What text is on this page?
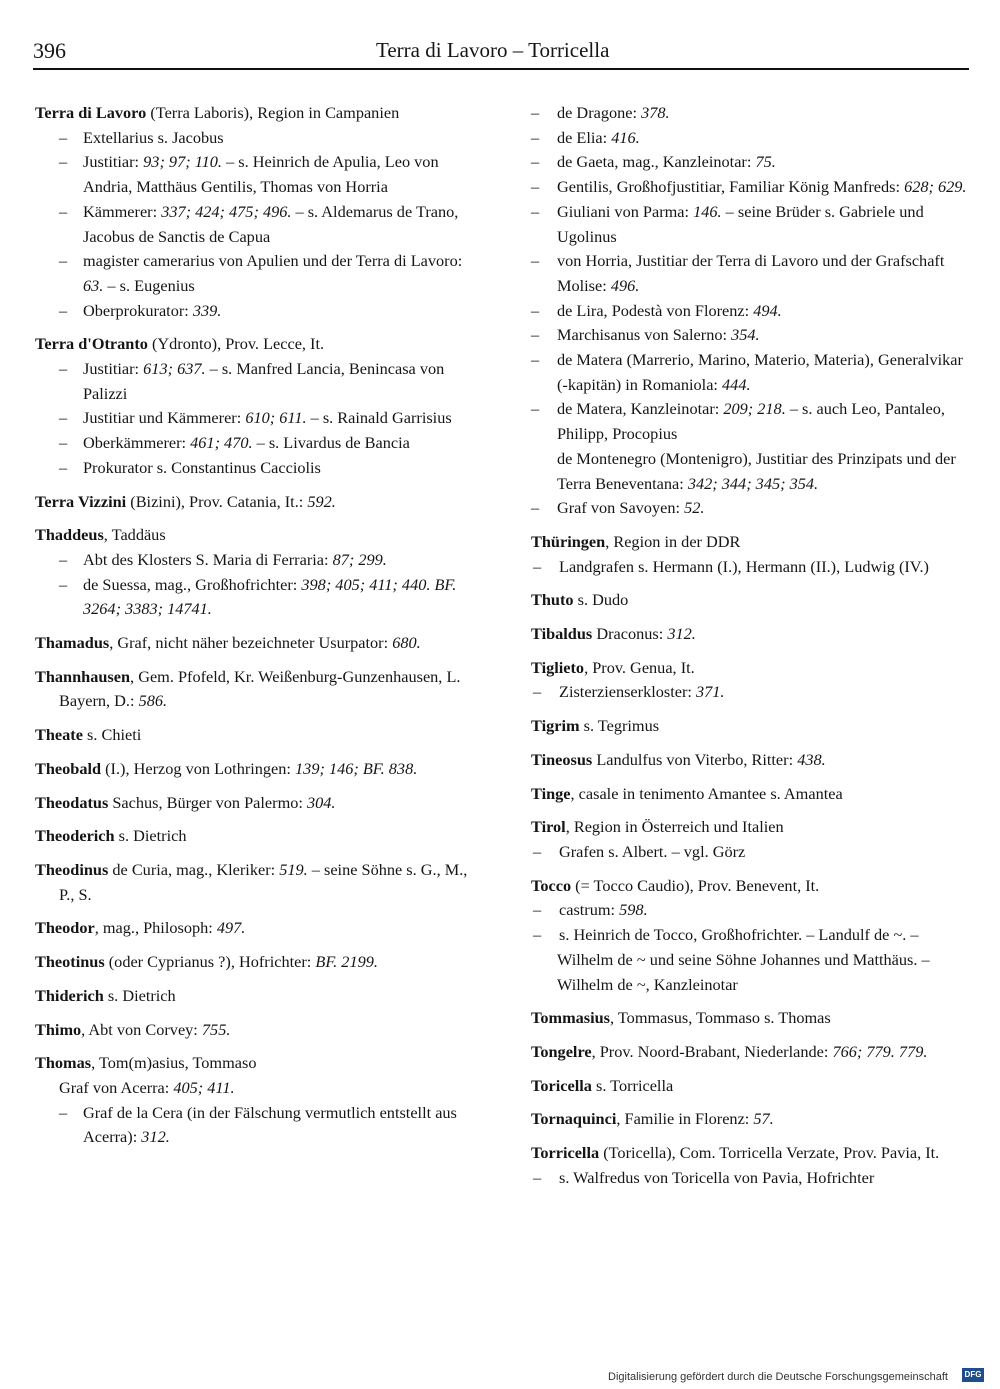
396	Terra di Lavoro – Torricella
Terra di Lavoro (Terra Laboris), Region in Campanien
– Extellarius s. Jacobus
– Justitiar: 93; 97; 110. – s. Heinrich de Apulia, Leo von Andria, Matthäus Gentilis, Thomas von Horria
– Kämmerer: 337; 424; 475; 496. – s. Aldemarus de Trano, Jacobus de Sanctis de Capua
– magister camerarius von Apulien und der Terra di Lavoro: 63. – s. Eugenius
– Oberprokurator: 339.
Terra d'Otranto (Ydronto), Prov. Lecce, It.
– Justitiar: 613; 637. – s. Manfred Lancia, Benincasa von Palizzi
– Justitiar und Kämmerer: 610; 611. – s. Rainald Garrisius
– Oberkämmerer: 461; 470. – s. Livardus de Bancia
– Prokurator s. Constantinus Cacciolis
Terra Vizzini (Bizini), Prov. Catania, It.: 592.
Thaddeus, Taddäus
– Abt des Klosters S. Maria di Ferraria: 87; 299.
– de Suessa, mag., Großhofrichter: 398; 405; 411; 440. BF. 3264; 3383; 14741.
Thamadus, Graf, nicht näher bezeichneter Usurpator: 680.
Thannhausen, Gem. Pfofeld, Kr. Weißenburg-Gunzenhausen, L. Bayern, D.: 586.
Theate s. Chieti
Theobald (I.), Herzog von Lothringen: 139; 146; BF. 838.
Theodatus Sachus, Bürger von Palermo: 304.
Theoderich s. Dietrich
Theodinus de Curia, mag., Kleriker: 519. – seine Söhne s. G., M., P., S.
Theodor, mag., Philosoph: 497.
Theotinus (oder Cyprianus ?), Hofrichter: BF. 2199.
Thiderich s. Dietrich
Thimo, Abt von Corvey: 755.
Thomas, Tom(m)asius, Tommaso
Graf von Acerra: 405; 411.
– Graf de la Cera (in der Fälschung vermutlich entstellt aus Acerra): 312.
– de Dragone: 378.
– de Elia: 416.
– de Gaeta, mag., Kanzleinotar: 75.
– Gentilis, Großhofjustitiar, Familiar König Manfreds: 628; 629.
– Giuliani von Parma: 146. – seine Brüder s. Gabriele und Ugolinus
– von Horria, Justitiar der Terra di Lavoro und der Grafschaft Molise: 496.
– de Lira, Podestà von Florenz: 494.
– Marchisanus von Salerno: 354.
– de Matera (Marrerio, Marino, Materio, Materia), Generalvikar (-kapitän) in Romaniola: 444.
– de Matera, Kanzleinotar: 209; 218. – s. auch Leo, Pantaleo, Philipp, Procopius
de Montenegro (Montenigro), Justitiar des Prinzipats und der Terra Beneventana: 342; 344; 345; 354.
– Graf von Savoyen: 52.
Thüringen, Region in der DDR
– Landgrafen s. Hermann (I.), Hermann (II.), Ludwig (IV.)
Thuto s. Dudo
Tibaldus Draconus: 312.
Tiglieto, Prov. Genua, It.
– Zisterzienserkloster: 371.
Tigrim s. Tegrimus
Tineosus Landulfus von Viterbo, Ritter: 438.
Tinge, casale in tenimento Amantee s. Amantea
Tirol, Region in Österreich und Italien
– Grafen s. Albert. – vgl. Görz
Tocco (= Tocco Caudio), Prov. Benevent, It.
– castrum: 598.
– s. Heinrich de Tocco, Großhofrichter. – Landulf de ~. – Wilhelm de ~ und seine Söhne Johannes und Matthäus. – Wilhelm de ~, Kanzleinotar
Tommasius, Tommasus, Tommaso s. Thomas
Tongelre, Prov. Noord-Brabant, Niederlande: 766; 779. 779.
Toricella s. Torricella
Tornaquinci, Familie in Florenz: 57.
Torricella (Toricella), Com. Torricella Verzate, Prov. Pavia, It.
– s. Walfredus von Toricella von Pavia, Hofrichter
Digitalisierung gefördert durch die Deutsche Forschungsgemeinschaft	DFG
